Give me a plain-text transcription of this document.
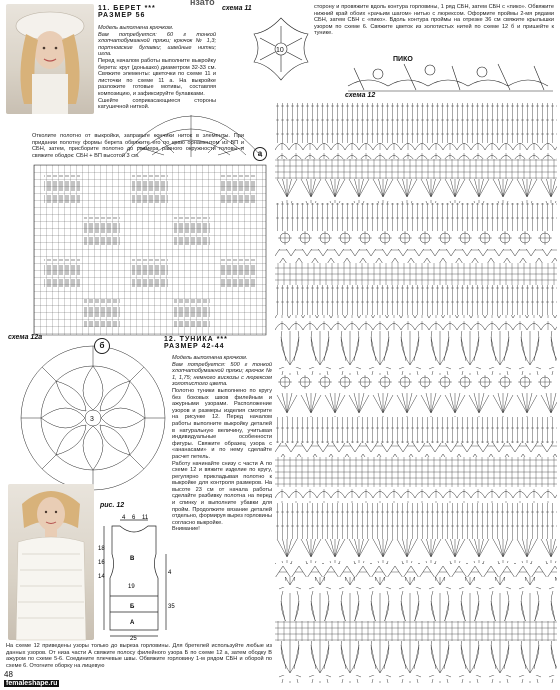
11. БЕРЕТ ***
РАЗМЕР 56
Модель выполнена крючком.
Вам потребуется: 60 г тонкой хлопчатобумажной пряжи; крючок № 1,3; портновские булавки; швейные нитки; игла.
Перед началом работы выполните выкройку берета: круг (донышко) диаметром 32-33 см. Свяжите элементы: цветочки по схеме 11 и листочки по схеме 11 а. На выкройке разложите готовые мотивы, составляя композицию, и зафиксируйте булавками.
Сшейте соприкасающиеся стороны катушечной ниткой.
Отколите полотно от выкройки, заправьте кончики ниток в элементы. При придании полотну формы берета обвяжите его по краю орнаментом из ВП и СБН, затем, присборите полотно до размера равного окружности головы и свяжите ободок: СБН + ВП высотой 3 см.
схема 11
10
а
сторону и провяжите вдоль контура горловины, 1 ряд СБН, затем СБН с «пико». Обвяжите нижний край обоих «рачьим шагом» нитью с люрексом. Оформите проймы 2-мя рядами СБН, затем СБН с «пико». Вдоль контура проймы на отрезке 36 см свяжите крылышки узором по схеме 6. Свяжите цветок из золотистых нитей по схеме 12 б и пришейте к тунике.
ПИКО
схема 12
схема 12а
3
б
12. ТУНИКА ***
РАЗМЕР 42-44
Модель выполнена крючком.
Вам потребуется: 500 г тонкой хлопчатобумажной пряжи; крючок № 1, 1,75; немного вискозы с люрексом золотистого цвета.
Полотно туники выполнено по кругу без боковых швов филейным и ажурными узорами. Расположение узоров и размеры изделия смотрите на рисунке 12. Перед началом работы выполните выкройку деталей в натуральную величину, учитывая индивидуальные особенности фигуры. Свяжите образец узора с «ананасами» и по нему сделайте расчет петель.
Работу начинайте снизу с части А по схеме 12 и вяжите изделие по кругу, регулярно прикладывая полотно к выкройке для контроля размеров. На высоте 23 см от начала работы сделайте разбивку полотна на перед и спинку и выполните убавки для пройм. Продолжите вязание деталей отдельно, формируя вырез горловины согласно выкройке.
Внимание!
На схеме 12 приведены узоры только до выреза горловины. Для бретелей используйте любые из данных узоров. От низа части А свяжите полосу филейного узора Б по схеме 12 а, затем ободку В ажуром по схеме 5-6. Соедините плечевые швы. Обвяжите горловину 1-м рядом СБН и оборой по схеме 6. Отогните оборку на лицевую
рис. 12
4 6 11
18
16
14
19
4
35
25
А
Б
В
48
femaleshape.ru
нзато
